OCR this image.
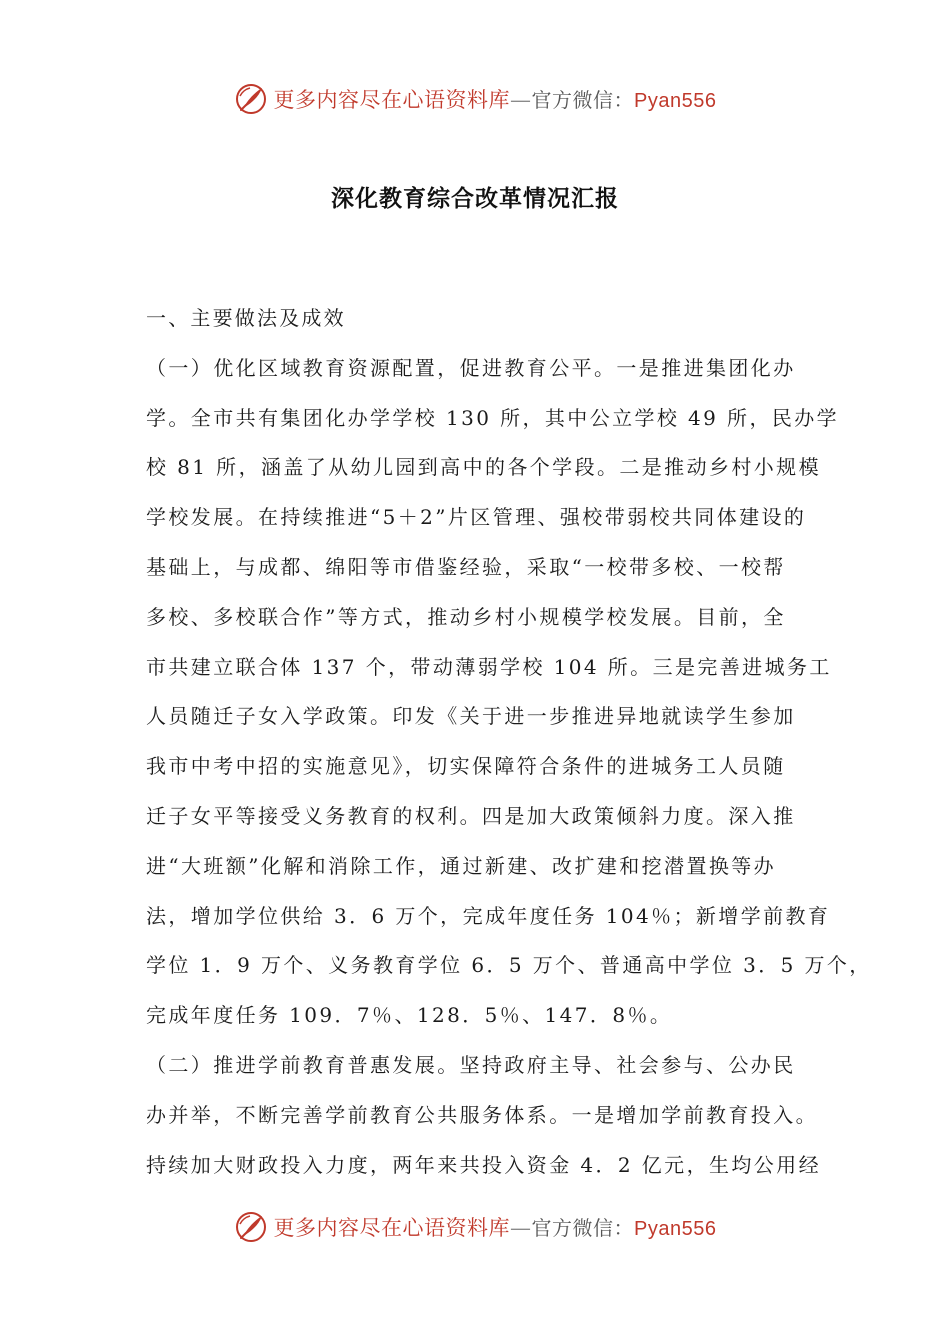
更多内容尽在心语资料库—官方微信：Pyan556
深化教育综合改革情况汇报
一、主要做法及成效
（一）优化区域教育资源配置，促进教育公平。一是推进集团化办
学。全市共有集团化办学学校 130 所，其中公立学校 49 所，民办学
校 81 所，涵盖了从幼儿园到高中的各个学段。二是推动乡村小规模
学校发展。在持续推进“5＋2”片区管理、强校带弱校共同体建设的
基础上，与成都、绵阳等市借鉴经验，采取“一校带多校、一校帮
多校、多校联合作”等方式，推动乡村小规模学校发展。目前，全
市共建立联合体 137 个，带动薄弱学校 104 所。三是完善进城务工
人员随迁子女入学政策。印发《关于进一步推进异地就读学生参加
我市中考中招的实施意见》，切实保障符合条件的进城务工人员随
迁子女平等接受义务教育的权利。四是加大政策倾斜力度。深入推
进“大班额”化解和消除工作，通过新建、改扩建和挖潜置换等办
法，增加学位供给 3．6 万个，完成年度任务 104％；新增学前教育
学位 1．9 万个、义务教育学位 6．5 万个、普通高中学位 3．5 万个，
完成年度任务 109．7％、128．5％、147．8％。
（二）推进学前教育普惠发展。坚持政府主导、社会参与、公办民
办并举，不断完善学前教育公共服务体系。一是增加学前教育投入。
持续加大财政投入力度，两年来共投入资金 4．2 亿元，生均公用经
更多内容尽在心语资料库—官方微信：Pyan556
